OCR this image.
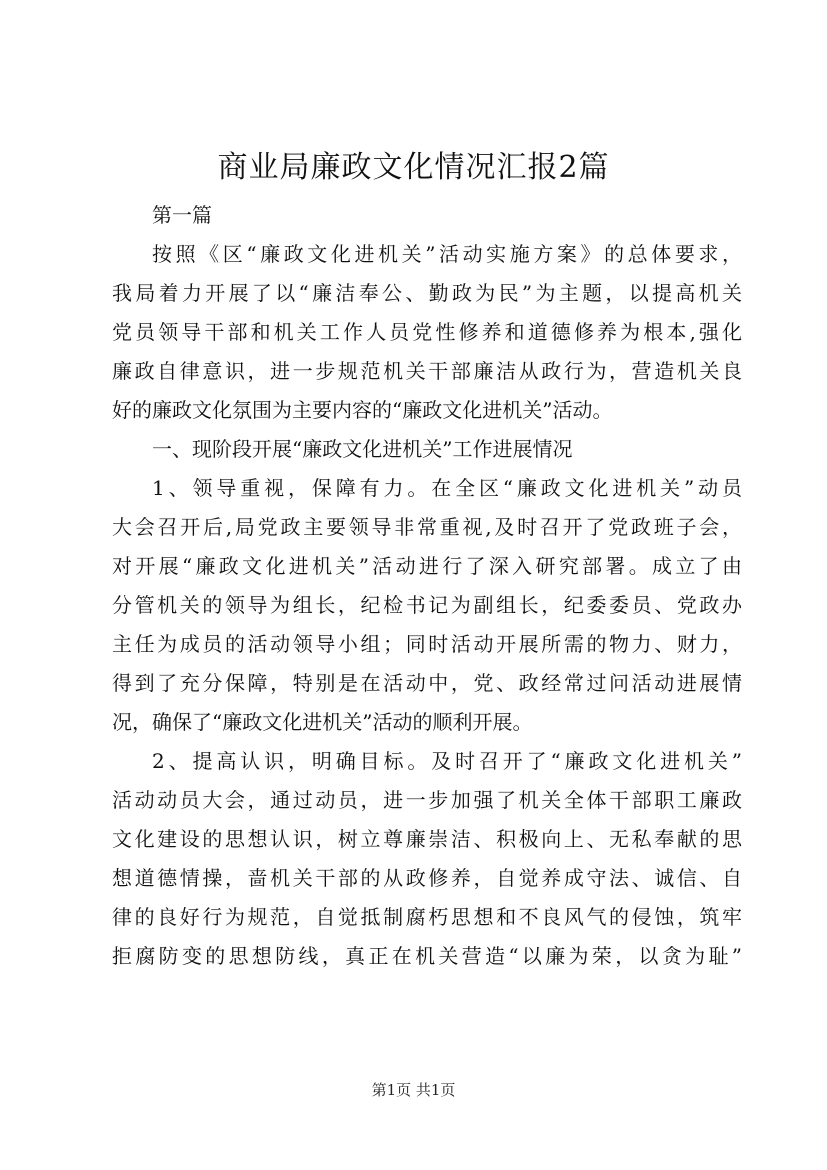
商业局廉政文化情况汇报2篇
第一篇
按照《区“廉政文化进机关”活动实施方案》的总体要求，
我局着力开展了以“廉洁奉公、勤政为民”为主题，以提高机关
党员领导干部和机关工作人员党性修养和道德修养为根本,强化
廉政自律意识，进一步规范机关干部廉洁从政行为，营造机关良
好的廉政文化氛围为主要内容的“廉政文化进机关”活动。
一、现阶段开展“廉政文化进机关”工作进展情况
1、领导重视，保障有力。在全区“廉政文化进机关”动员
大会召开后,局党政主要领导非常重视,及时召开了党政班子会，
对开展“廉政文化进机关”活动进行了深入研究部署。成立了由
分管机关的领导为组长，纪检书记为副组长，纪委委员、党政办
主任为成员的活动领导小组；同时活动开展所需的物力、财力，
得到了充分保障，特别是在活动中，党、政经常过问活动进展情
况，确保了“廉政文化进机关”活动的顺利开展。
2、提高认识，明确目标。及时召开了“廉政文化进机关”
活动动员大会，通过动员，进一步加强了机关全体干部职工廉政
文化建设的思想认识，树立尊廉崇洁、积极向上、无私奉献的思
想道德情操，啬机关干部的从政修养，自觉养成守法、诚信、自
律的良好行为规范，自觉抵制腐朽思想和不良风气的侵蚀，筑牢
拒腐防变的思想防线，真正在机关营造“以廉为荣，以贪为耻”
第1页 共1页
